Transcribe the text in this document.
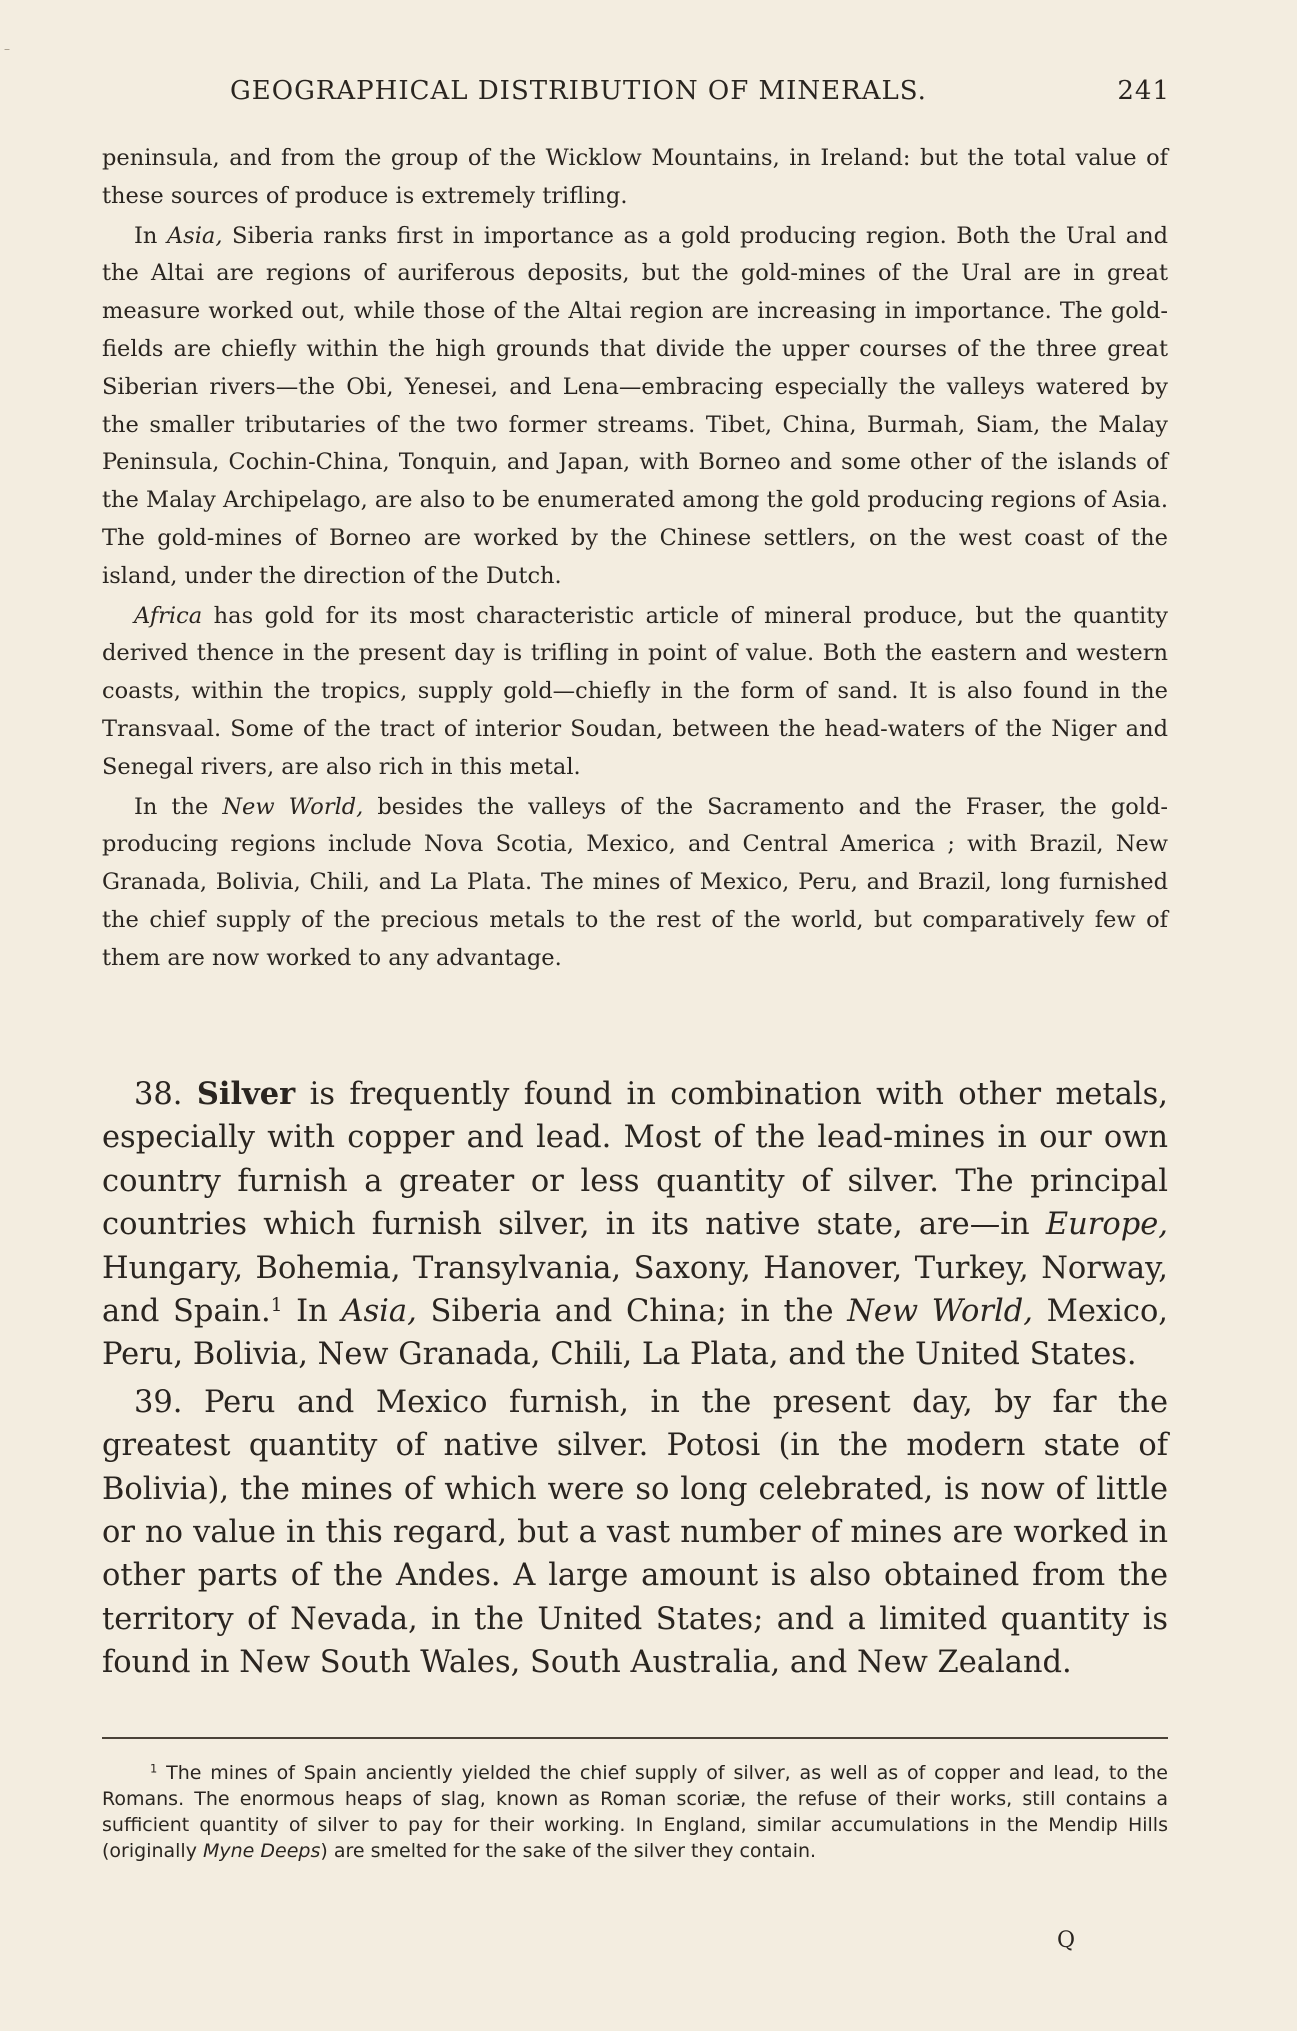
–
GEOGRAPHICAL DISTRIBUTION OF MINERALS.	241

peninsula, and from the group of the Wicklow Mountains, in Ireland: but the total value of these sources of produce is extremely trifling.

In Asia, Siberia ranks first in importance as a gold producing region. Both the Ural and the Altai are regions of auriferous deposits, but the gold-mines of the Ural are in great measure worked out, while those of the Altai region are increasing in importance. The gold-fields are chiefly within the high grounds that divide the upper courses of the three great Siberian rivers—the Obi, Yenesei, and Lena—embracing especially the valleys watered by the smaller tributaries of the two former streams. Tibet, China, Burmah, Siam, the Malay Peninsula, Cochin-China, Tonquin, and Japan, with Borneo and some other of the islands of the Malay Archipelago, are also to be enumerated among the gold producing regions of Asia. The gold-mines of Borneo are worked by the Chinese settlers, on the west coast of the island, under the direction of the Dutch.

Africa has gold for its most characteristic article of mineral produce, but the quantity derived thence in the present day is trifling in point of value. Both the eastern and western coasts, within the tropics, supply gold—chiefly in the form of sand. It is also found in the Transvaal. Some of the tract of interior Soudan, between the head-waters of the Niger and Senegal rivers, are also rich in this metal.

In the New World, besides the valleys of the Sacramento and the Fraser, the gold-producing regions include Nova Scotia, Mexico, and Central America ; with Brazil, New Granada, Bolivia, Chili, and La Plata. The mines of Mexico, Peru, and Brazil, long furnished the chief supply of the precious metals to the rest of the world, but comparatively few of them are now worked to any advantage.

38. Silver is frequently found in combination with other metals, especially with copper and lead. Most of the lead-mines in our own country furnish a greater or less quantity of silver. The principal countries which furnish silver, in its native state, are—in Europe, Hungary, Bohemia, Transylvania, Saxony, Hanover, Turkey, Norway, and Spain.$^1$ In Asia, Siberia and China; in the New World, Mexico, Peru, Bolivia, New Granada, Chili, La Plata, and the United States.

39. Peru and Mexico furnish, in the present day, by far the greatest quantity of native silver. Potosi (in the modern state of Bolivia), the mines of which were so long celebrated, is now of little or no value in this regard, but a vast number of mines are worked in other parts of the Andes. A large amount is also obtained from the territory of Nevada, in the United States; and a limited quantity is found in New South Wales, South Australia, and New Zealand.

$^1$ The mines of Spain anciently yielded the chief supply of silver, as well as of copper and lead, to the Romans. The enormous heaps of slag, known as Roman scoriæ, the refuse of their works, still contains a sufficient quantity of silver to pay for their working. In England, similar accumulations in the Mendip Hills (originally Myne Deeps) are smelted for the sake of the silver they contain.

Q
